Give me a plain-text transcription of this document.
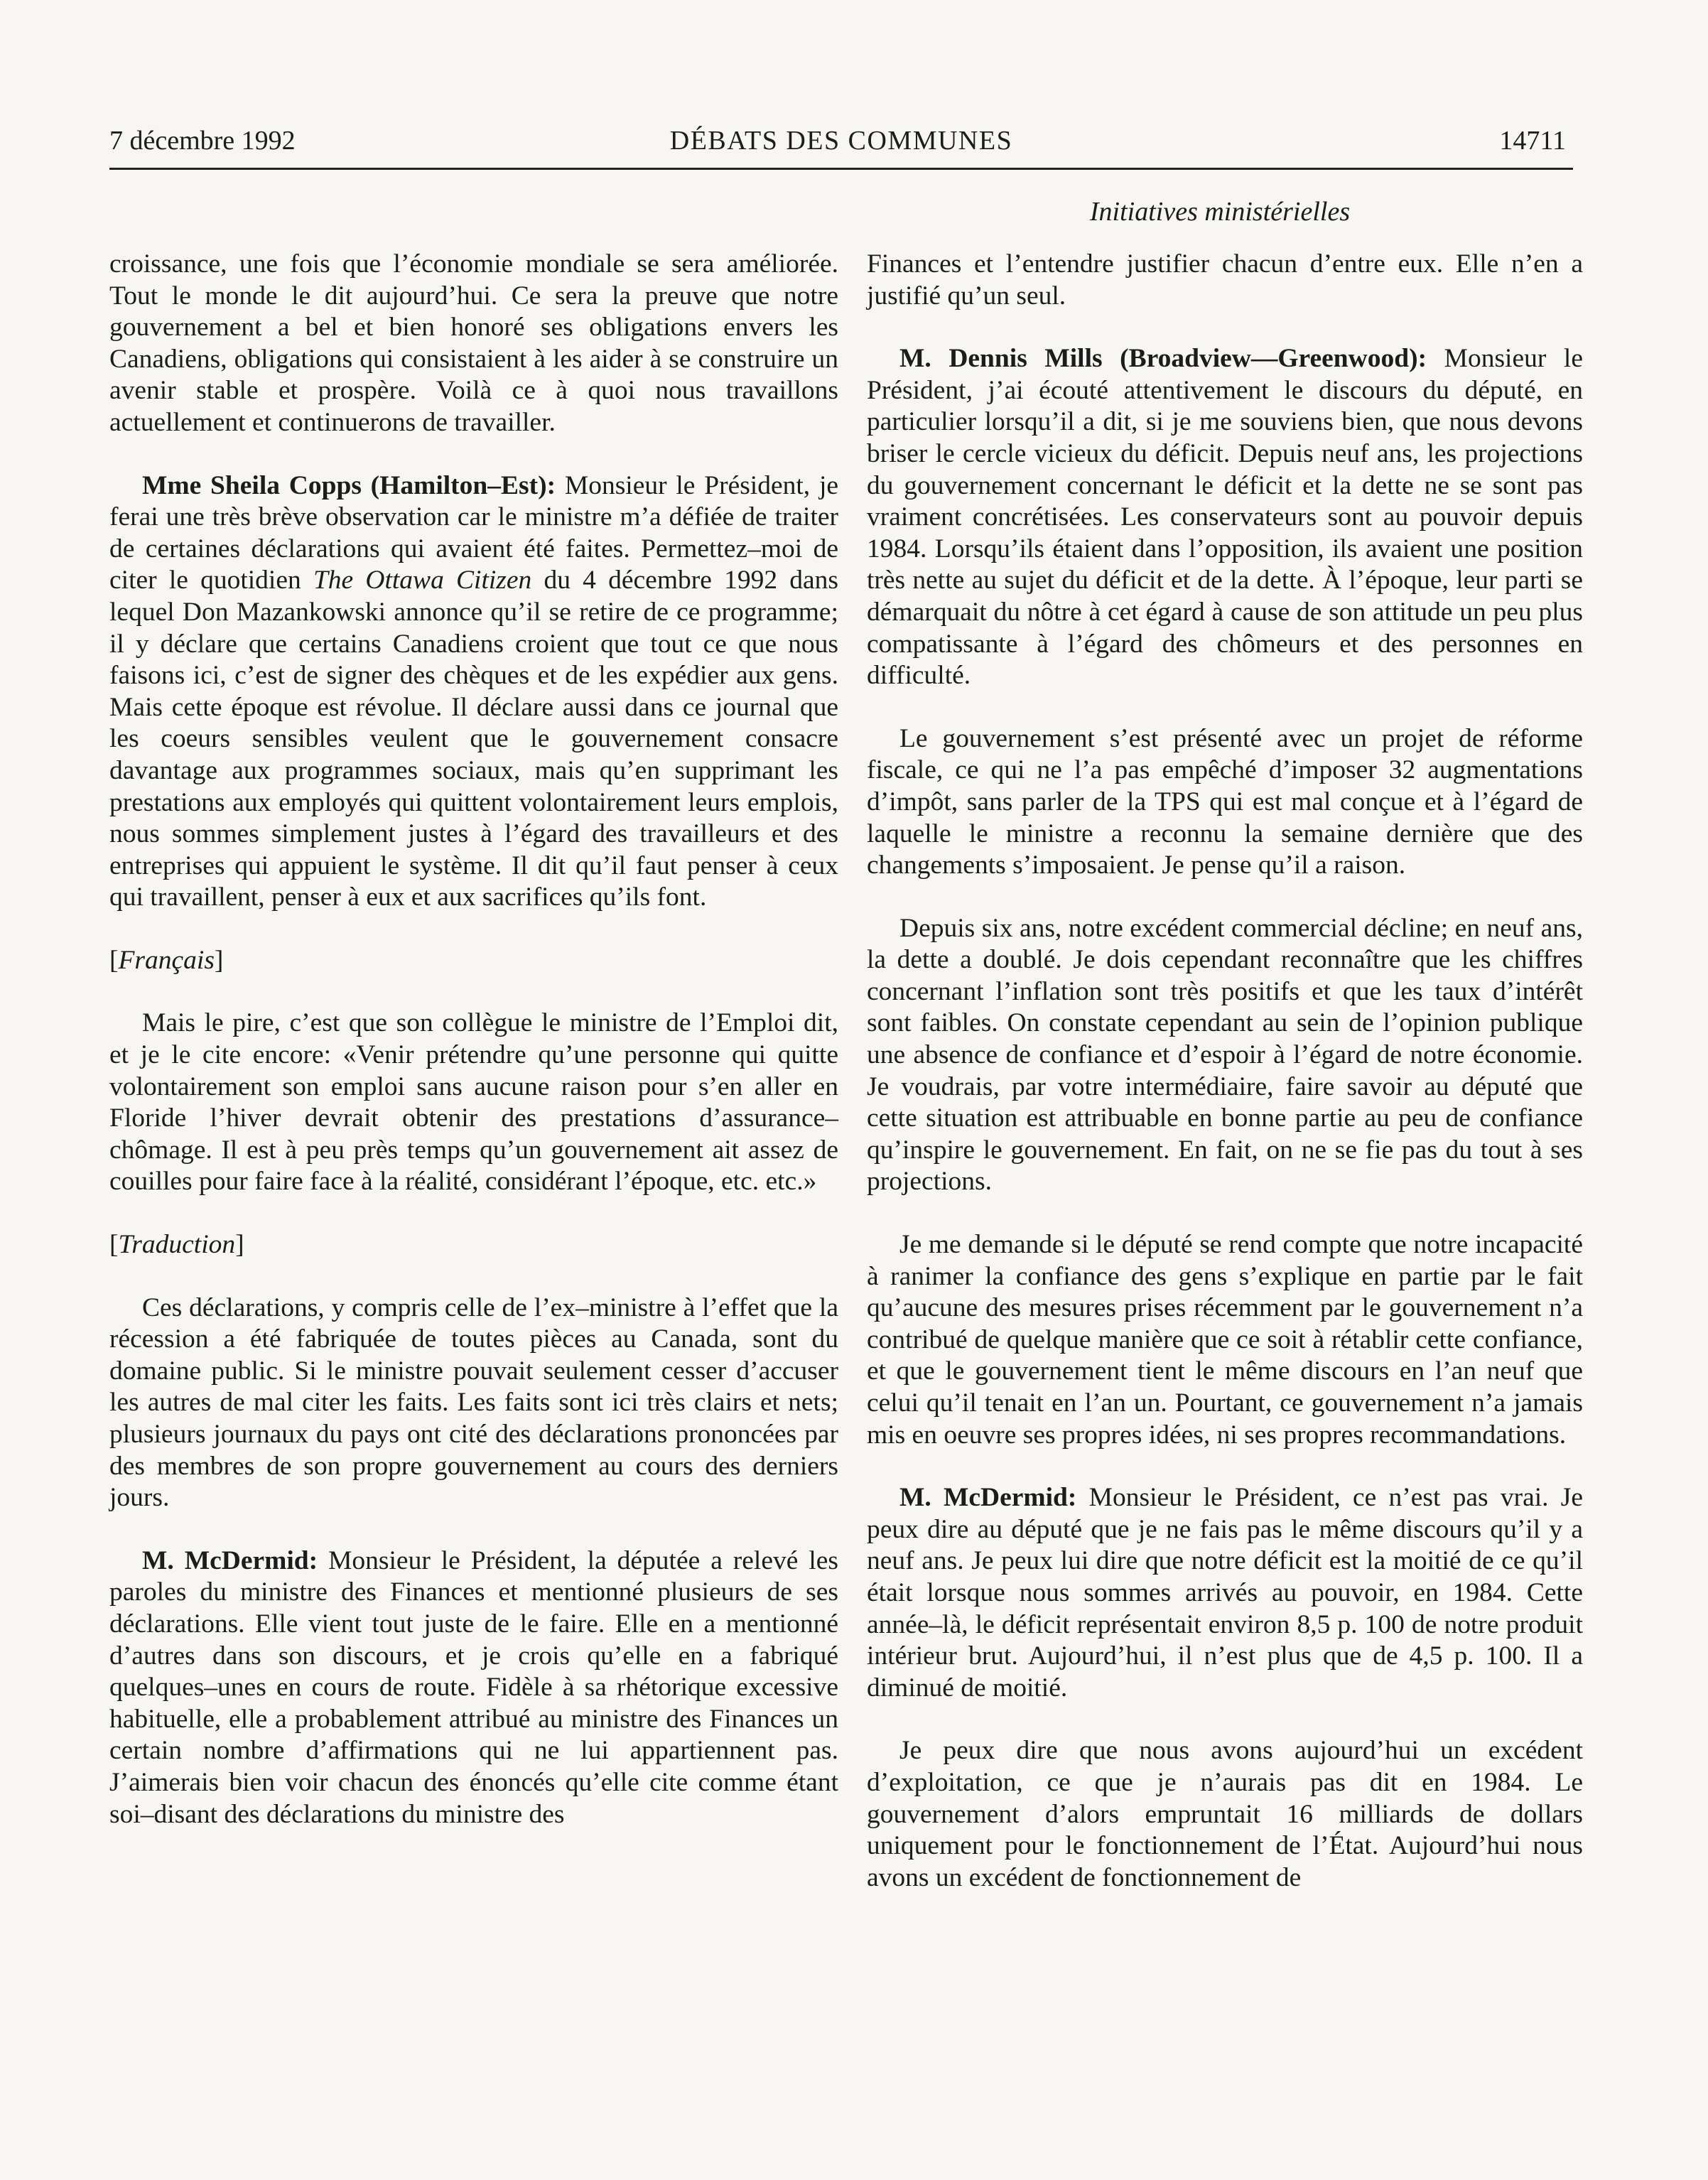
7 décembre 1992	DÉBATS DES COMMUNES	14711
Initiatives ministérielles

croissance, une fois que l’économie mondiale se sera améliorée. Tout le monde le dit aujourd’hui. Ce sera la preuve que notre gouvernement a bel et bien honoré ses obligations envers les Canadiens, obligations qui consistaient à les aider à se construire un avenir stable et prospère. Voilà ce à quoi nous travaillons actuellement et continuerons de travailler.

Mme Sheila Copps (Hamilton–Est): Monsieur le Président, je ferai une très brève observation car le ministre m’a défiée de traiter de certaines déclarations qui avaient été faites. Permettez–moi de citer le quotidien The Ottawa Citizen du 4 décembre 1992 dans lequel Don Mazankowski annonce qu’il se retire de ce programme; il y déclare que certains Canadiens croient que tout ce que nous faisons ici, c’est de signer des chèques et de les expédier aux gens. Mais cette époque est révolue. Il déclare aussi dans ce journal que les coeurs sensibles veulent que le gouvernement consacre davantage aux programmes sociaux, mais qu’en supprimant les prestations aux employés qui quittent volontairement leurs emplois, nous sommes simplement justes à l’égard des travailleurs et des entreprises qui appuient le système. Il dit qu’il faut penser à ceux qui travaillent, penser à eux et aux sacrifices qu’ils font.

[Français]

Mais le pire, c’est que son collègue le ministre de l’Emploi dit, et je le cite encore: «Venir prétendre qu’une personne qui quitte volontairement son emploi sans aucune raison pour s’en aller en Floride l’hiver devrait obtenir des prestations d’assurance–chômage. Il est à peu près temps qu’un gouvernement ait assez de couilles pour faire face à la réalité, considérant l’époque, etc. etc.»

[Traduction]

Ces déclarations, y compris celle de l’ex–ministre à l’effet que la récession a été fabriquée de toutes pièces au Canada, sont du domaine public. Si le ministre pouvait seulement cesser d’accuser les autres de mal citer les faits. Les faits sont ici très clairs et nets; plusieurs journaux du pays ont cité des déclarations prononcées par des membres de son propre gouvernement au cours des derniers jours.

M. McDermid: Monsieur le Président, la députée a relevé les paroles du ministre des Finances et mentionné plusieurs de ses déclarations. Elle vient tout juste de le faire. Elle en a mentionné d’autres dans son discours, et je crois qu’elle en a fabriqué quelques–unes en cours de route. Fidèle à sa rhétorique excessive habituelle, elle a probablement attribué au ministre des Finances un certain nombre d’affirmations qui ne lui appartiennent pas. J’aimerais bien voir chacun des énoncés qu’elle cite comme étant soi–disant des déclarations du ministre des

Finances et l’entendre justifier chacun d’entre eux. Elle n’en a justifié qu’un seul.

M. Dennis Mills (Broadview—Greenwood): Monsieur le Président, j’ai écouté attentivement le discours du député, en particulier lorsqu’il a dit, si je me souviens bien, que nous devons briser le cercle vicieux du déficit. Depuis neuf ans, les projections du gouvernement concernant le déficit et la dette ne se sont pas vraiment concrétisées. Les conservateurs sont au pouvoir depuis 1984. Lorsqu’ils étaient dans l’opposition, ils avaient une position très nette au sujet du déficit et de la dette. À l’époque, leur parti se démarquait du nôtre à cet égard à cause de son attitude un peu plus compatissante à l’égard des chômeurs et des personnes en difficulté.

Le gouvernement s’est présenté avec un projet de réforme fiscale, ce qui ne l’a pas empêché d’imposer 32 augmentations d’impôt, sans parler de la TPS qui est mal conçue et à l’égard de laquelle le ministre a reconnu la semaine dernière que des changements s’imposaient. Je pense qu’il a raison.

Depuis six ans, notre excédent commercial décline; en neuf ans, la dette a doublé. Je dois cependant reconnaître que les chiffres concernant l’inflation sont très positifs et que les taux d’intérêt sont faibles. On constate cependant au sein de l’opinion publique une absence de confiance et d’espoir à l’égard de notre économie. Je voudrais, par votre intermédiaire, faire savoir au député que cette situation est attribuable en bonne partie au peu de confiance qu’inspire le gouvernement. En fait, on ne se fie pas du tout à ses projections.

Je me demande si le député se rend compte que notre incapacité à ranimer la confiance des gens s’explique en partie par le fait qu’aucune des mesures prises récemment par le gouvernement n’a contribué de quelque manière que ce soit à rétablir cette confiance, et que le gouvernement tient le même discours en l’an neuf que celui qu’il tenait en l’an un. Pourtant, ce gouvernement n’a jamais mis en oeuvre ses propres idées, ni ses propres recommandations.

M. McDermid: Monsieur le Président, ce n’est pas vrai. Je peux dire au député que je ne fais pas le même discours qu’il y a neuf ans. Je peux lui dire que notre déficit est la moitié de ce qu’il était lorsque nous sommes arrivés au pouvoir, en 1984. Cette année–là, le déficit représentait environ 8,5 p. 100 de notre produit intérieur brut. Aujourd’hui, il n’est plus que de 4,5 p. 100. Il a diminué de moitié.

Je peux dire que nous avons aujourd’hui un excédent d’exploitation, ce que je n’aurais pas dit en 1984. Le gouvernement d’alors empruntait 16 milliards de dollars uniquement pour le fonctionnement de l’État. Aujourd’hui nous avons un excédent de fonctionnement de
